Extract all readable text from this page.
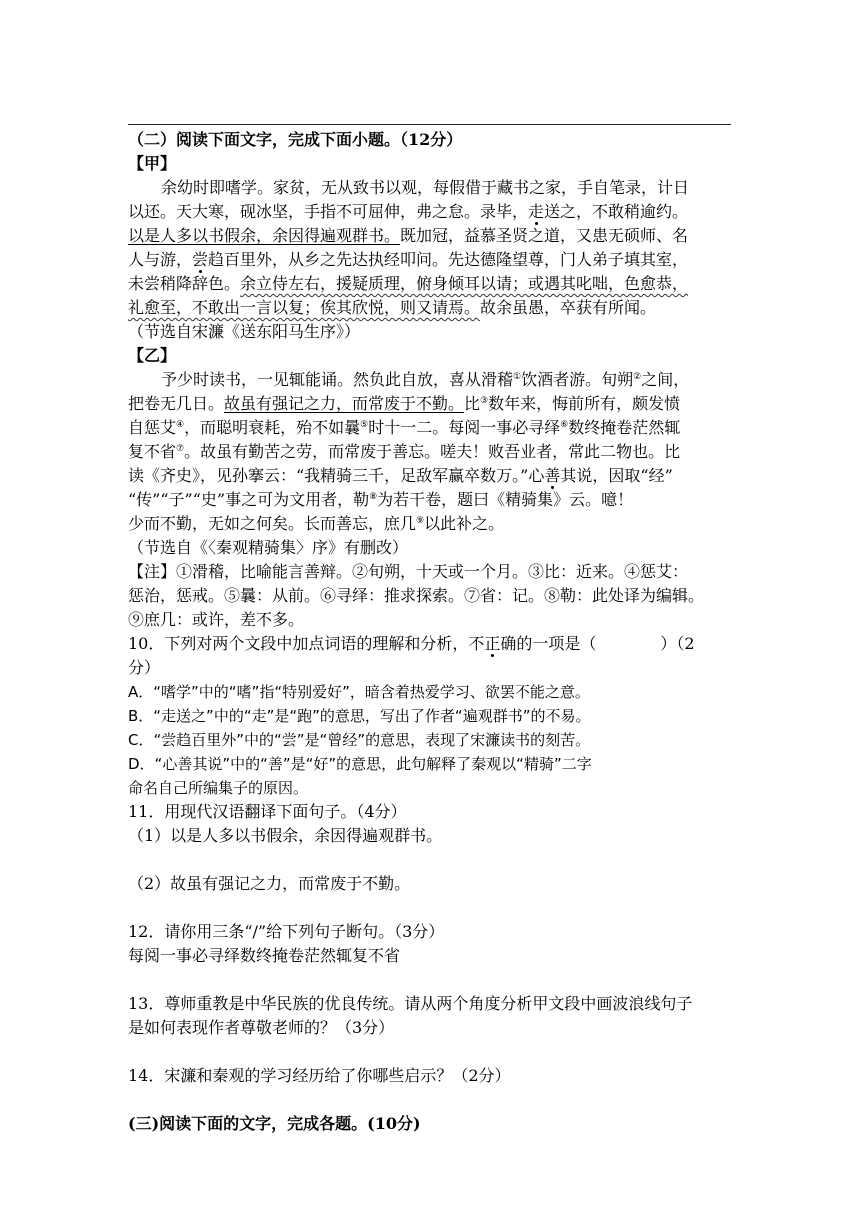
（二）阅读下面文字，完成下面小题。（12分）
【甲】
余幼时即嗜学。家贫，无从致书以观，每假借于藏书之家，手自笔录，计日
以还。天大寒，砚冰坚，手指不可屈伸，弗之怠。录毕，走送之，不敢稍逾约。
以是人多以书假余，余因得遍观群书。既加冠，益慕圣贤之道，又患无硕师、名
人与游，尝趋百里外，从乡之先达执经叩问。先达德隆望尊，门人弟子填其室，
未尝稍降辞色。余立侍左右，援疑质理，俯身倾耳以请；或遇其叱咄，色愈恭，
礼愈至，不敢出一言以复；俟其欣悦，则又请焉。故余虽愚，卒获有所闻。
（节选自宋濂《送东阳马生序》）
【乙】
予少时读书，一见辄能诵。然负此自放，喜从滑稽①饮酒者游。旬朔②之间，
把卷无几日。故虽有强记之力，而常废于不勤。比③数年来，悔前所有，颇发愤
自惩艾④，而聪明衰耗，殆不如曩⑤时十一二。每阅一事必寻绎⑥数终掩卷茫然辄
复不省⑦。故虽有勤苦之劳，而常废于善忘。嗟夫！败吾业者，常此二物也。比
读《齐史》，见孙搴云：“我精骑三千，足敌军赢卒数万。”心善其说，因取“经”
“传”“子”“史”事之可为文用者，勒⑧为若干卷，题曰《精骑集》云。噫！
少而不勤，无如之何矣。长而善忘，庶几⑨以此补之。
（节选自《〈秦观精骑集〉序》有删改）
【注】①滑稽，比喻能言善辩。②旬朔，十天或一个月。③比：近来。④惩艾：
惩治，惩戒。⑤曩：从前。⑥寻绎：推求探索。⑦省：记。⑧勒：此处译为编辑。
⑨庶几：或许，差不多。
10．下列对两个文段中加点词语的理解和分析，不正确的一项是（　　　　）（2
分）
A．“嗜学”中的“嗜”指“特别爱好”，暗含着热爱学习、欲罢不能之意。
B．“走送之”中的“走”是“跑”的意思，写出了作者“遍观群书”的不易。
C．“尝趋百里外”中的“尝”是“曾经”的意思，表现了宋濂读书的刻苦。
D．“心善其说”中的“善”是“好”的意思，此句解释了秦观以“精骑”二字
命名自己所编集子的原因。
11．用现代汉语翻译下面句子。（4分）
（1）以是人多以书假余，余因得遍观群书。
（2）故虽有强记之力，而常废于不勤。
12．请你用三条“/”给下列句子断句。（3分）
每阅一事必寻绎数终掩卷茫然辄复不省
13．尊师重教是中华民族的优良传统。请从两个角度分析甲文段中画波浪线句子
是如何表现作者尊敬老师的？（3分）
14．宋濂和秦观的学习经历给了你哪些启示？（2分）
(三)阅读下面的文字，完成各题。(10分)
